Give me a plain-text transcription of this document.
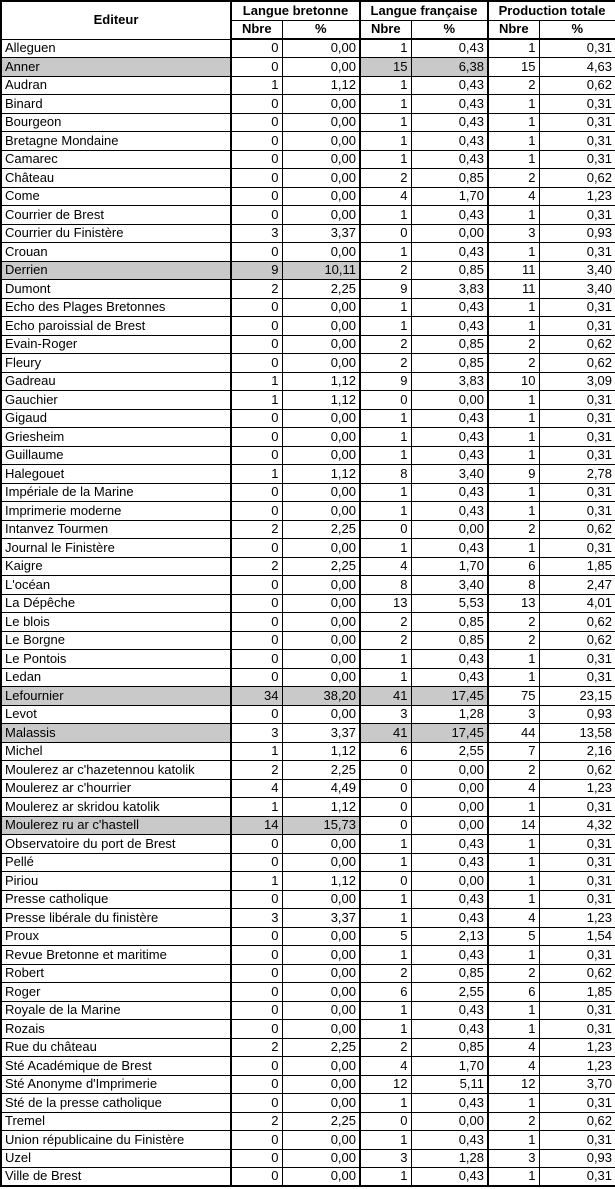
Editeur	Langue bretonne		Langue française		Production totale	
	Nbre	%	Nbre	%	Nbre	%
Alleguen	0	0,00	1	0,43	1	0,31
Anner	0	0,00	15	6,38	15	4,63
Audran	1	1,12	1	0,43	2	0,62
Binard	0	0,00	1	0,43	1	0,31
Bourgeon	0	0,00	1	0,43	1	0,31
Bretagne Mondaine	0	0,00	1	0,43	1	0,31
Camarec	0	0,00	1	0,43	1	0,31
Château	0	0,00	2	0,85	2	0,62
Come	0	0,00	4	1,70	4	1,23
Courrier de Brest	0	0,00	1	0,43	1	0,31
Courrier du Finistère	3	3,37	0	0,00	3	0,93
Crouan	0	0,00	1	0,43	1	0,31
Derrien	9	10,11	2	0,85	11	3,40
Dumont	2	2,25	9	3,83	11	3,40
Echo des Plages Bretonnes	0	0,00	1	0,43	1	0,31
Echo paroissial de Brest	0	0,00	1	0,43	1	0,31
Evain-Roger	0	0,00	2	0,85	2	0,62
Fleury	0	0,00	2	0,85	2	0,62
Gadreau	1	1,12	9	3,83	10	3,09
Gauchier	1	1,12	0	0,00	1	0,31
Gigaud	0	0,00	1	0,43	1	0,31
Griesheim	0	0,00	1	0,43	1	0,31
Guillaume	0	0,00	1	0,43	1	0,31
Halegouet	1	1,12	8	3,40	9	2,78
Impériale de la Marine	0	0,00	1	0,43	1	0,31
Imprimerie moderne	0	0,00	1	0,43	1	0,31
Intanvez Tourmen	2	2,25	0	0,00	2	0,62
Journal le Finistère	0	0,00	1	0,43	1	0,31
Kaigre	2	2,25	4	1,70	6	1,85
L'océan	0	0,00	8	3,40	8	2,47
La Dépêche	0	0,00	13	5,53	13	4,01
Le blois	0	0,00	2	0,85	2	0,62
Le Borgne	0	0,00	2	0,85	2	0,62
Le Pontois	0	0,00	1	0,43	1	0,31
Ledan	0	0,00	1	0,43	1	0,31
Lefournier	34	38,20	41	17,45	75	23,15
Levot	0	0,00	3	1,28	3	0,93
Malassis	3	3,37	41	17,45	44	13,58
Michel	1	1,12	6	2,55	7	2,16
Moulerez ar c'hazetennou katolik	2	2,25	0	0,00	2	0,62
Moulerez ar c'hourrier	4	4,49	0	0,00	4	1,23
Moulerez ar skridou katolik	1	1,12	0	0,00	1	0,31
Moulerez ru ar c'hastell	14	15,73	0	0,00	14	4,32
Observatoire du port de Brest	0	0,00	1	0,43	1	0,31
Pellé	0	0,00	1	0,43	1	0,31
Piriou	1	1,12	0	0,00	1	0,31
Presse catholique	0	0,00	1	0,43	1	0,31
Presse libérale du finistère	3	3,37	1	0,43	4	1,23
Proux	0	0,00	5	2,13	5	1,54
Revue Bretonne et maritime	0	0,00	1	0,43	1	0,31
Robert	0	0,00	2	0,85	2	0,62
Roger	0	0,00	6	2,55	6	1,85
Royale de la Marine	0	0,00	1	0,43	1	0,31
Rozais	0	0,00	1	0,43	1	0,31
Rue du château	2	2,25	2	0,85	4	1,23
Sté Académique de Brest	0	0,00	4	1,70	4	1,23
Sté Anonyme d'Imprimerie	0	0,00	12	5,11	12	3,70
Sté de la presse catholique	0	0,00	1	0,43	1	0,31
Tremel	2	2,25	0	0,00	2	0,62
Union républicaine du Finistère	0	0,00	1	0,43	1	0,31
Uzel	0	0,00	3	1,28	3	0,93
Ville de Brest	0	0,00	1	0,43	1	0,31
